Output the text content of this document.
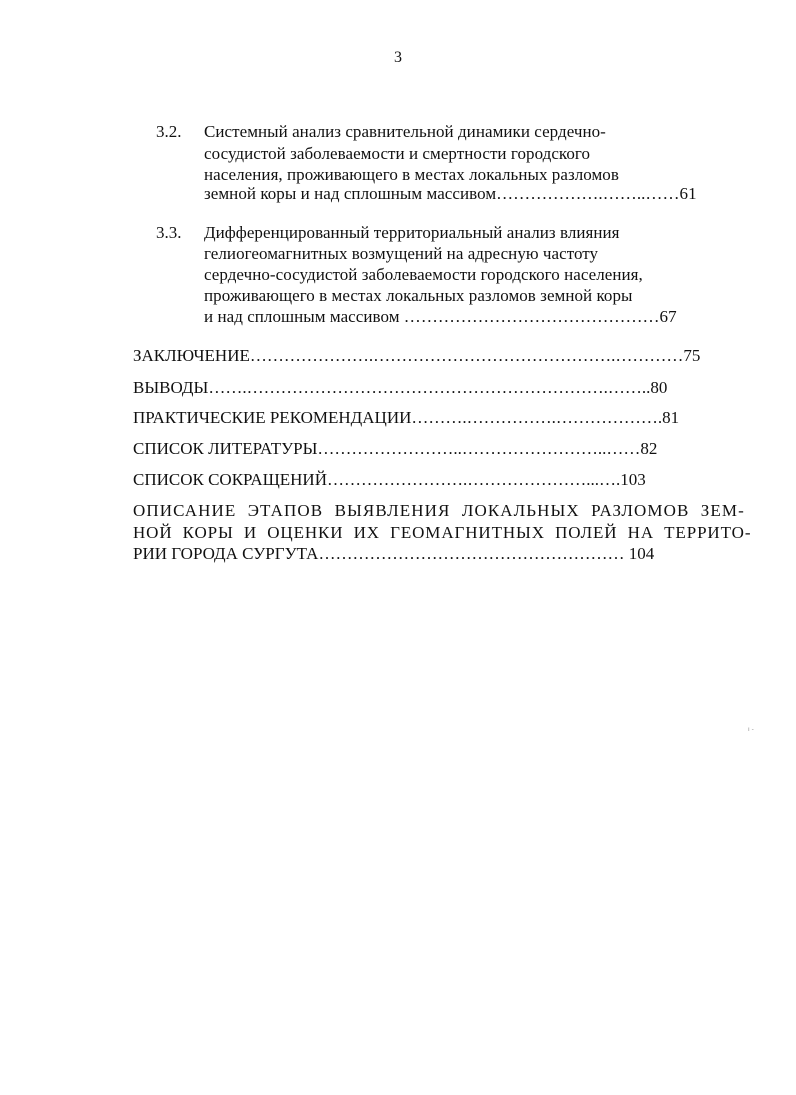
3
3.2. Системный анализ сравнительной динамики сердечно-
сосудистой заболеваемости и смертности городского
населения, проживающего в местах локальных разломов
земной коры и над сплошным массивом……………….……..……61
3.3. Дифференцированный территориальный анализ влияния
гелиогеомагнитных возмущений на адресную частоту
сердечно-сосудистой заболеваемости городского населения,
проживающего в местах локальных разломов земной коры
и над сплошным массивом ………………………………………67
ЗАКЛЮЧЕНИЕ………………….…………………………………….…………75
ВЫВОДЫ…….……………………………………………………….……..80
ПРАКТИЧЕСКИЕ РЕКОМЕНДАЦИИ……….…………….……………….81
СПИСОК ЛИТЕРАТУРЫ……………………..……………………..……82
СПИСОК СОКРАЩЕНИЙ…………………….…………………...….103
ОПИСАНИЕ ЭТАПОВ ВЫЯВЛЕНИЯ ЛОКАЛЬНЫХ РАЗЛОМОВ ЗЕМ-
НОЙ КОРЫ И ОЦЕНКИ ИХ ГЕОМАГНИТНЫХ ПОЛЕЙ НА ТЕРРИТО-
РИИ ГОРОДА СУРГУТА……………………………………………… 104
ı ‑
